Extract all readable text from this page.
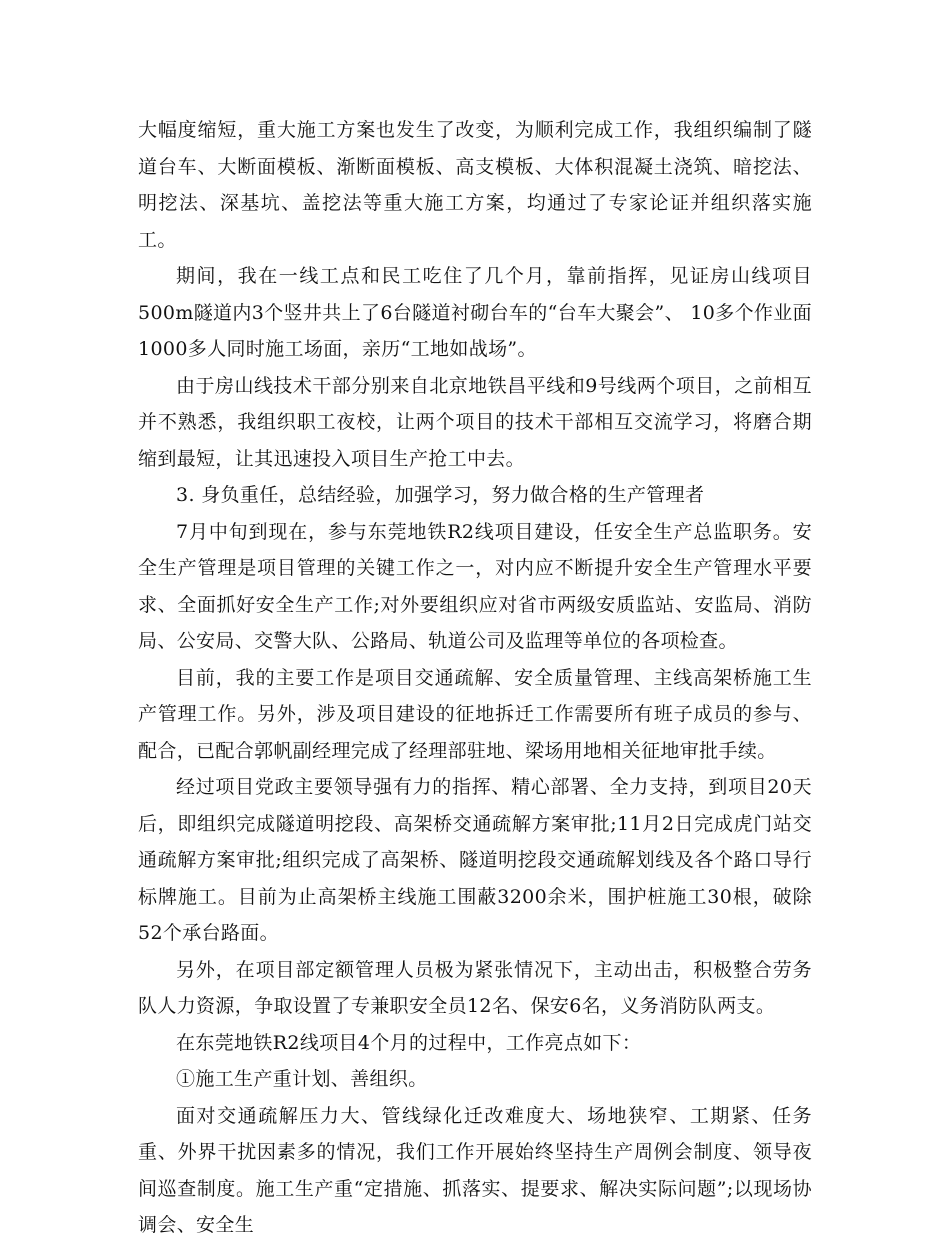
大幅度缩短，重大施工方案也发生了改变，为顺利完成工作，我组织编制了隧道台车、大断面模板、渐断面模板、高支模板、大体积混凝土浇筑、暗挖法、明挖法、深基坑、盖挖法等重大施工方案，均通过了专家论证并组织落实施工。

期间，我在一线工点和民工吃住了几个月，靠前指挥，见证房山线项目500m隧道内3个竖井共上了6台隧道衬砌台车的“台车大聚会”、 10多个作业面1000多人同时施工场面，亲历“工地如战场”。

由于房山线技术干部分别来自北京地铁昌平线和9号线两个项目，之前相互并不熟悉，我组织职工夜校，让两个项目的技术干部相互交流学习，将磨合期缩到最短，让其迅速投入项目生产抢工中去。

3. 身负重任，总结经验，加强学习，努力做合格的生产管理者

7月中旬到现在，参与东莞地铁R2线项目建设，任安全生产总监职务。安全生产管理是项目管理的关键工作之一，对内应不断提升安全生产管理水平要求、全面抓好安全生产工作;对外要组织应对省市两级安质监站、安监局、消防局、公安局、交警大队、公路局、轨道公司及监理等单位的各项检查。

目前，我的主要工作是项目交通疏解、安全质量管理、主线高架桥施工生产管理工作。另外，涉及项目建设的征地拆迁工作需要所有班子成员的参与、配合，已配合郭帆副经理完成了经理部驻地、梁场用地相关征地审批手续。

经过项目党政主要领导强有力的指挥、精心部署、全力支持，到项目20天后，即组织完成隧道明挖段、高架桥交通疏解方案审批;11月2日完成虎门站交通疏解方案审批;组织完成了高架桥、隧道明挖段交通疏解划线及各个路口导行标牌施工。目前为止高架桥主线施工围蔽3200余米，围护桩施工30根，破除52个承台路面。

另外，在项目部定额管理人员极为紧张情况下，主动出击，积极整合劳务队人力资源，争取设置了专兼职安全员12名、保安6名，义务消防队两支。

在东莞地铁R2线项目4个月的过程中，工作亮点如下：

①施工生产重计划、善组织。

面对交通疏解压力大、管线绿化迁改难度大、场地狭窄、工期紧、任务重、外界干扰因素多的情况，我们工作开展始终坚持生产周例会制度、领导夜间巡查制度。施工生产重“定措施、抓落实、提要求、解决实际问题”;以现场协调会、安全生
